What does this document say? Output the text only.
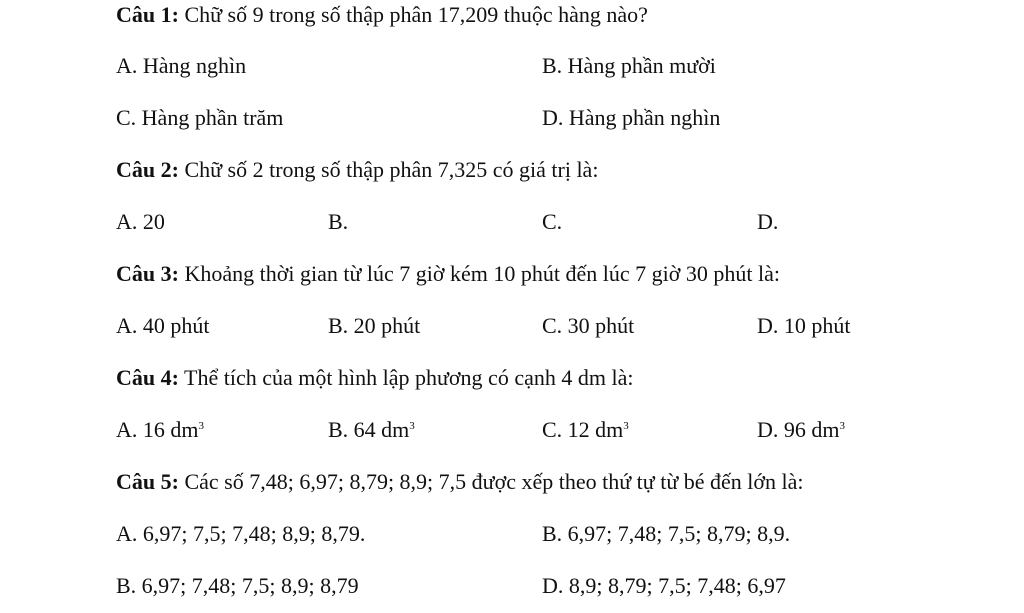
Câu 1: Chữ số 9 trong số thập phân 17,209 thuộc hàng nào?
A. Hàng nghìn	B. Hàng phần mười
C. Hàng phần trăm	D. Hàng phần nghìn
Câu 2: Chữ số 2 trong số thập phân 7,325 có giá trị là:
A. 20	B.	C.	D.
Câu 3: Khoảng thời gian từ lúc 7 giờ kém 10 phút đến lúc 7 giờ 30 phút là:
A. 40 phút	B. 20 phút	C. 30 phút	D. 10 phút
Câu 4: Thể tích của một hình lập phương có cạnh 4 dm là:
A. 16 $dm^3$	B. 64 $dm^3$	C. 12 $dm^3$	D. 96 $dm^3$
Câu 5: Các số 7,48; 6,97; 8,79; 8,9; 7,5 được xếp theo thứ tự từ bé đến lớn là:
A. 6,97; 7,5; 7,48; 8,9; 8,79.	B. 6,97; 7,48; 7,5; 8,79; 8,9.
B. 6,97; 7,48; 7,5; 8,9; 8,79	D. 8,9; 8,79; 7,5; 7,48; 6,97
